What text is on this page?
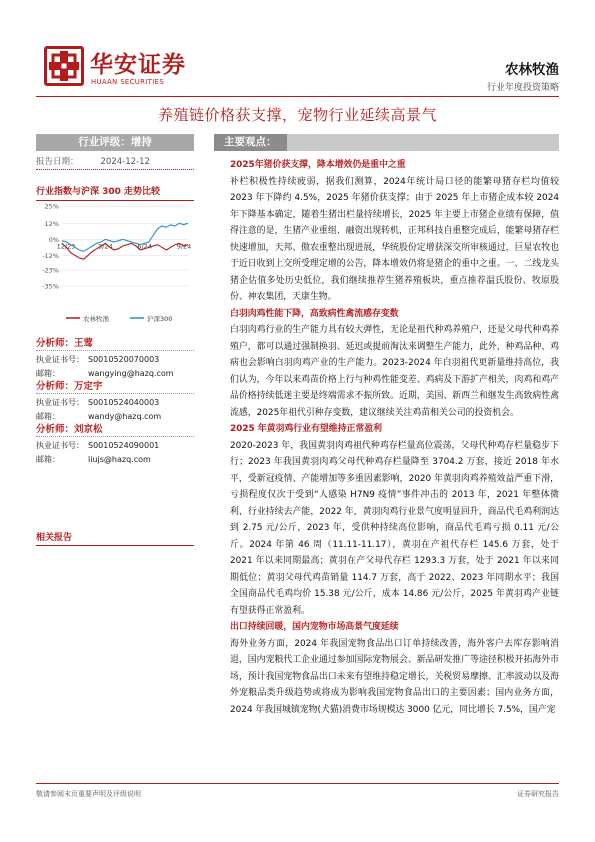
华安证券
HUAAN SECURITIES
农林牧渔
行业年度投资策略
养殖链价格获支撑，宠物行业延续高景气
行业评级：增持
报告日期：	2024-12-12
行业指数与沪深 300 走势比较
25%
12%
0%
-12%
-23%
-35%
12/23	3/24	6/24	9/24
农林牧渔	沪深300
分析师：王莺
执业证书号： S0010520070003
邮箱：	wangying@hazq.com
分析师：万定宇
执业证书号： S0010524040003
邮箱：	wandy@hazq.com
分析师：刘京松
执业证书号： S0010524090001
邮箱：	liujs@hazq.com
相关报告
主要观点：
2025年猪价获支撑，降本增效仍是重中之重

补栏积极性持续疲弱，据我们测算，2024年统计局口径的能繁母猪存栏均值较 2023 年下降约 4.5%，2025 年猪价获支撑；由于 2025 年上市猪企成本较 2024 年下降基本确定，随着生猪出栏量持续增长，2025 年主要上市猪企业绩有保障，值得注意的是，生猪产业重组、融资出现转机，正邦科技自重整完成后，能繁母猪存栏快速增加，天邦、傲农重整出现进展，华统股份定增获深交所审核通过，巨星农牧也于近日收到上交所受理定增的公告，降本增效仍将是猪企的重中之重。一、二线龙头猪企估值多处历史低位，我们继续推荐生猪养殖板块，重点推荐温氏股份、牧原股份、神农集团，天康生物。

白羽肉鸡性能下降，高致病性禽流感存变数

白羽肉鸡行业的生产能力具有较大弹性，无论是祖代种鸡养殖户，还是父母代种鸡养殖户，都可以通过强制换羽、延迟或提前淘汰来调整生产能力，此外，种鸡品种、鸡病也会影响白羽肉鸡产业的生产能力。2023-2024 年白羽祖代更新量维持高位，我们认为，今年以来鸡苗价格上行与种鸡性能变差、鸡病及下游扩产相关，肉鸡和鸡产品价格持续低迷主要是终端需求不振所致。近期，美国、新西兰和继发生高致病性禽流感，2025年祖代引种存变数，建议继续关注鸡苗相关公司的投资机会。

2025 年黄羽鸡行业有望维持正常盈利

2020-2023 年，我国黄羽肉鸡祖代种鸡存栏量高位震荡，父母代种鸡存栏量稳步下行；2023 年我国黄羽肉鸡父母代种鸡存栏量降至 3704.2 万套，接近 2018 年水平，受新冠疫情、产能增加等多重因素影响，2020 年黄羽肉鸡养殖效益严重下滑，亏损程度仅次于受到“人感染 H7N9 疫情”事件冲击的 2013 年，2021 年整体微利，行业持续去产能，2022 年，黄羽肉鸡行业景气度明显回升，商品代毛鸡利润达到 2.75 元/公斤，2023 年，受供种持续高位影响，商品代毛鸡亏损 0.11 元/公斤。2024 年第 46 周（11.11-11.17），黄羽在产祖代存栏 145.6 万套，处于 2021 年以来同期最高；黄羽在产父母代存栏 1293.3 万套，处于 2021 年以来同期低位；黄羽父母代鸡苗销量 114.7 万套，高于 2022、2023 年同期水平；我国全国商品代毛鸡均价 15.38 元/公斤，成本 14.86 元/公斤，2025 年黄羽鸡产业链有望获得正常盈利。

出口持续回暖，国内宠物市场高景气度延续

海外业务方面，2024 年我国宠物食品出口订单持续改善，海外客户去库存影响消退，国内宠粮代工企业通过参加国际宠物展会、新品研发推广等途径积极开拓海外市场，预计我国宠物食品出口未来有望维持稳定增长，关税贸易摩擦、汇率波动以及海外宠粮品类升级趋势或将成为影响我国宠物食品出口的主要因素；国内业务方面，2024 年我国城镇宠物(犬猫)消费市场规模达 3000 亿元，同比增长 7.5%，国产宠

敬请参阅末页重要声明及评级说明	证券研究报告
